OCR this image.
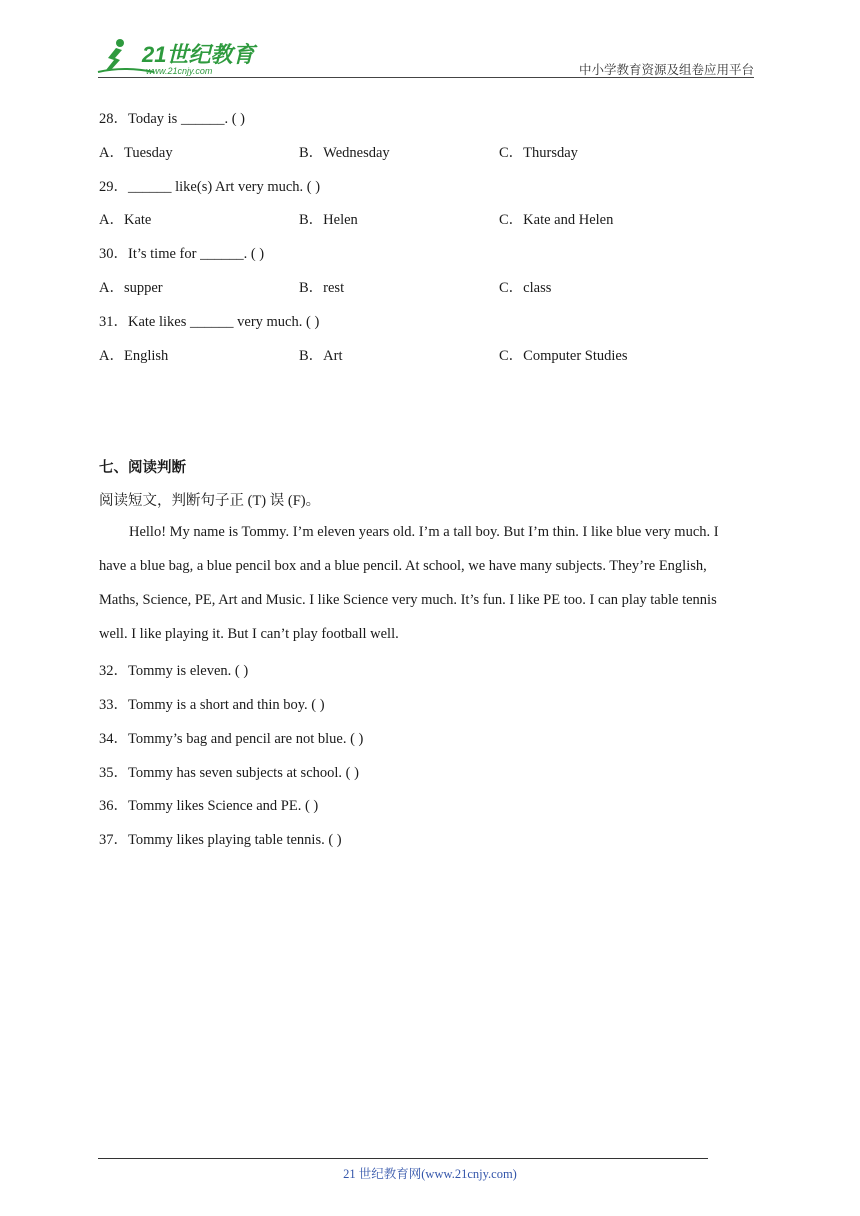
21世纪教育
www.21cnjy.com	中小学教育资源及组卷应用平台
28．Today is ______. ( )
A．Tuesday	B．Wednesday	C．Thursday
29．______ like(s) Art very much. ( )
A．Kate	B．Helen	C．Kate and Helen
30．It’s time for ______. ( )
A．supper	B．rest	C．class
31．Kate likes ______ very much. ( )
A．English	B．Art	C．Computer Studies
七、阅读判断
阅读短文，判断句子正 (T) 误 (F)。
Hello! My name is Tommy. I’m eleven years old. I’m a tall boy. But I’m thin. I like blue very much. I
have a blue bag, a blue pencil box and a blue pencil. At school, we have many subjects. They’re English,
Maths, Science, PE, Art and Music. I like Science very much. It’s fun. I like PE too. I can play table tennis
well. I like playing it. But I can’t play football well.
32．Tommy is eleven. ( )
33．Tommy is a short and thin boy. ( )
34．Tommy’s bag and pencil are not blue. ( )
35．Tommy has seven subjects at school. ( )
36．Tommy likes Science and PE. ( )
37．Tommy likes playing table tennis. ( )
21 世纪教育网(www.21cnjy.com)
